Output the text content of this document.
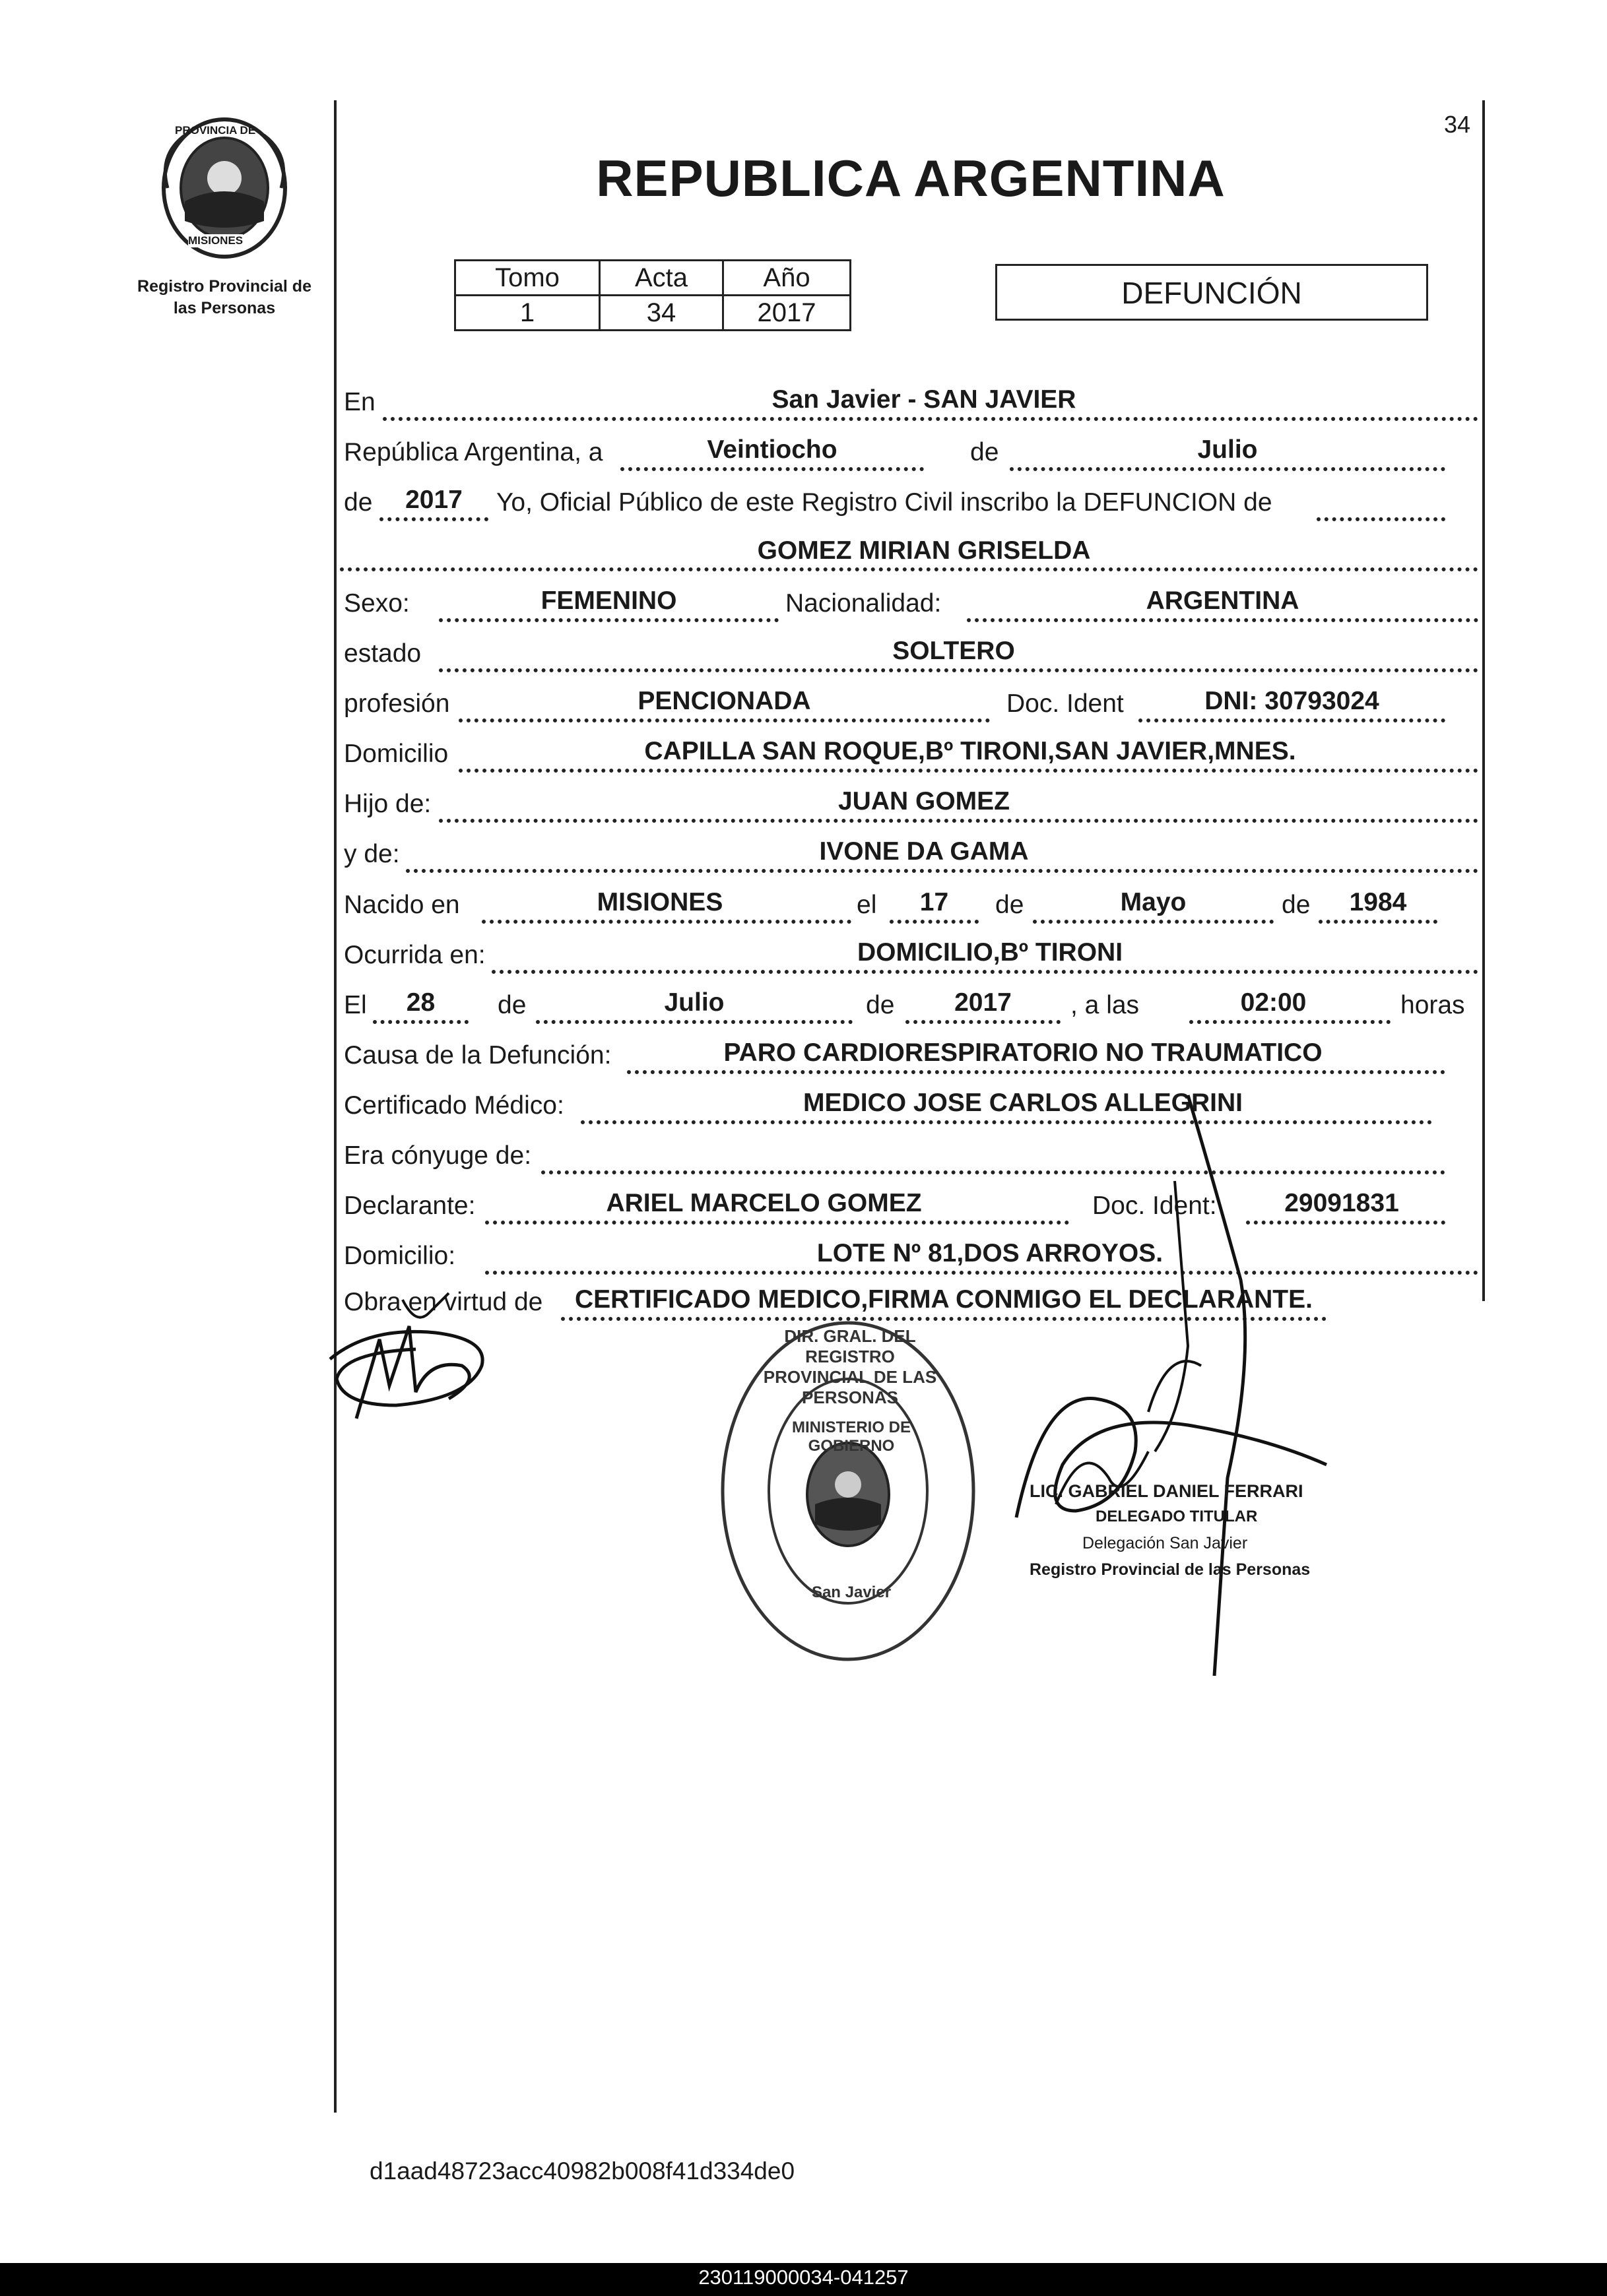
PROVINCIA DE
MISIONES
Registro Provincial de
las Personas
34
REPUBLICA ARGENTINA
Tomo	Acta	Año
1	34	2017
DEFUNCIÓN
En	San Javier - SAN JAVIER
República Argentina, a	Veintiocho	de	Julio
de	2017	Yo, Oficial Público de este Registro Civil inscribo la DEFUNCION de
GOMEZ MIRIAN GRISELDA
Sexo:	FEMENINO	Nacionalidad:	ARGENTINA
estado	SOLTERO
profesión	PENCIONADA	Doc. Ident	DNI: 30793024
Domicilio	CAPILLA SAN ROQUE,Bº TIRONI,SAN JAVIER,MNES.
Hijo de:	JUAN GOMEZ
y de:	IVONE DA GAMA
Nacido en	MISIONES	el	17	de	Mayo	de	1984
Ocurrida en:	DOMICILIO,Bº TIRONI
El	28	de	Julio	de	2017	, a las	02:00	horas
Causa de la Defunción:	PARO CARDIORESPIRATORIO NO TRAUMATICO
Certificado Médico:	MEDICO JOSE CARLOS ALLEGRINI
Era cónyuge de:
Declarante:	ARIEL MARCELO GOMEZ	Doc. Ident:	29091831
Domicilio:	LOTE Nº 81,DOS ARROYOS.
Obra en virtud de	CERTIFICADO MEDICO,FIRMA CONMIGO EL DECLARANTE.
DIR. GRAL. DEL REGISTRO PROVINCIAL DE LAS PERSONAS
MINISTERIO DE GOBIERNO
San Javier
LIC. GABRIEL DANIEL FERRARI
DELEGADO TITULAR
Delegación San Javier
Registro Provincial de las Personas
d1aad48723acc40982b008f41d334de0
230119000034-041257
